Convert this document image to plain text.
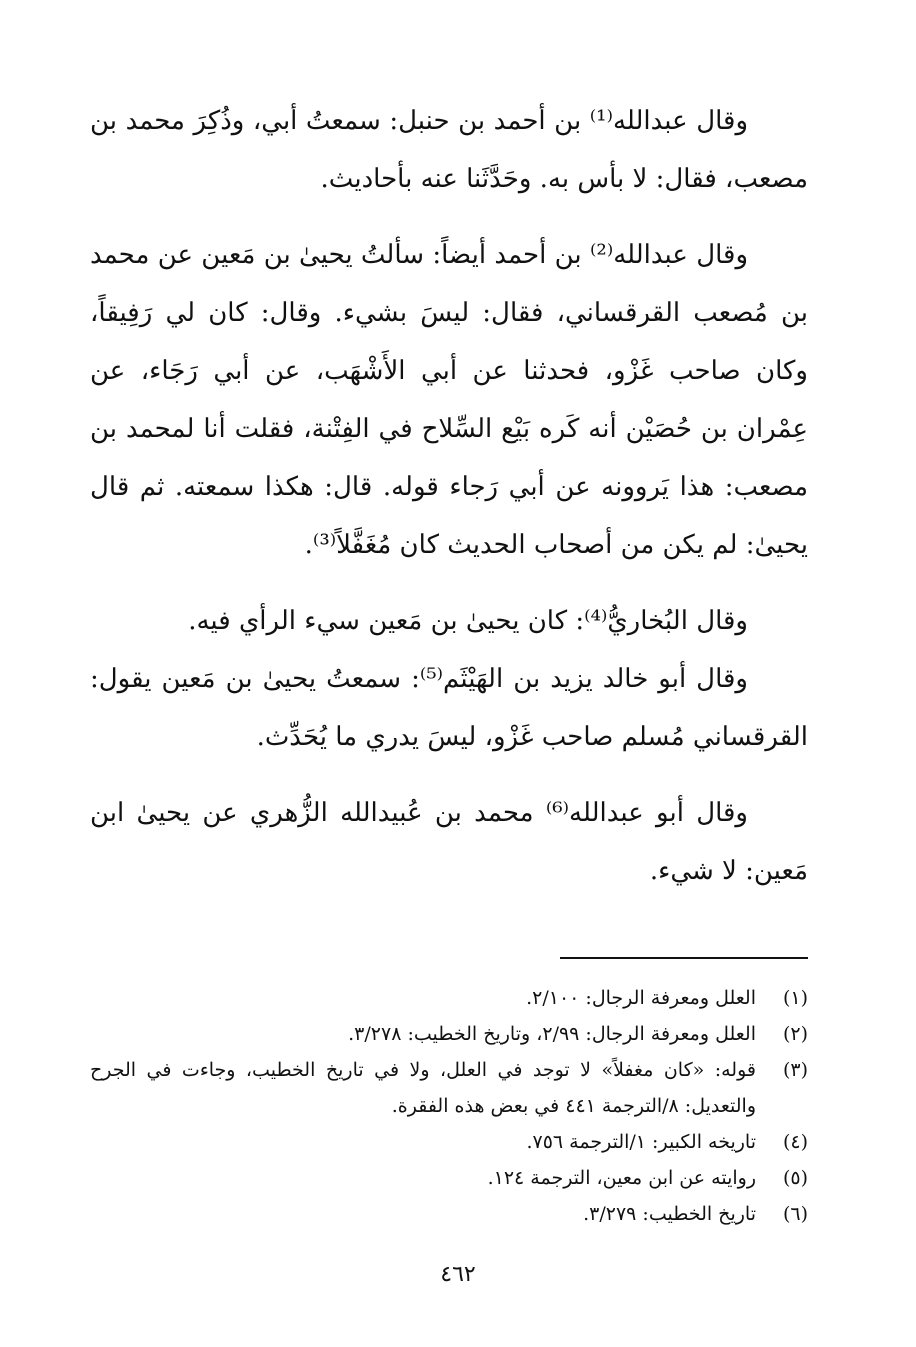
وقال عبدالله⁽¹⁾ بن أحمد بن حنبل: سمعتُ أبي، وذُكِرَ محمد بن مصعب، فقال: لا بأس به. وحَدَّثَنا عنه بأحاديث.

وقال عبدالله⁽²⁾ بن أحمد أيضاً: سألتُ يحيىٰ بن مَعين عن محمد بن مُصعب القرقساني، فقال: ليسَ بشيء. وقال: كان لي رَفِيقاً، وكان صاحب غَزْو، فحدثنا عن أبي الأَشْهَب، عن أبي رَجَاء، عن عِمْران بن حُصَيْن أنه كَره بَيْع السِّلاح في الفِتْنة، فقلت أنا لمحمد بن مصعب: هذا يَروونه عن أبي رَجاء قوله. قال: هكذا سمعته. ثم قال يحيىٰ: لم يكن من أصحاب الحديث كان مُغَفَّلاً⁽³⁾.

وقال البُخاريُّ⁽⁴⁾: كان يحيىٰ بن مَعين سيء الرأي فيه.

وقال أبو خالد يزيد بن الهَيْثَم⁽⁵⁾: سمعتُ يحيىٰ بن مَعين يقول: القرقساني مُسلم صاحب غَزْو، ليسَ يدري ما يُحَدِّث.

وقال أبو عبدالله⁽⁶⁾ محمد بن عُبيدالله الزُّهري عن يحيىٰ ابن مَعين: لا شيء.

(١)
العلل ومعرفة الرجال: ٢/١٠٠.
(٢)
العلل ومعرفة الرجال: ٢/٩٩، وتاريخ الخطيب: ٣/٢٧٨.
(٣)
قوله: «كان مغفلاً» لا توجد في العلل، ولا في تاريخ الخطيب، وجاءت في الجرح والتعديل: ٨/الترجمة ٤٤١ في بعض هذه الفقرة.
(٤)
تاريخه الكبير: ١/الترجمة ٧٥٦.
(٥)
روايته عن ابن معين، الترجمة ١٢٤.
(٦)
تاريخ الخطيب: ٣/٢٧٩.
٤٦٢
